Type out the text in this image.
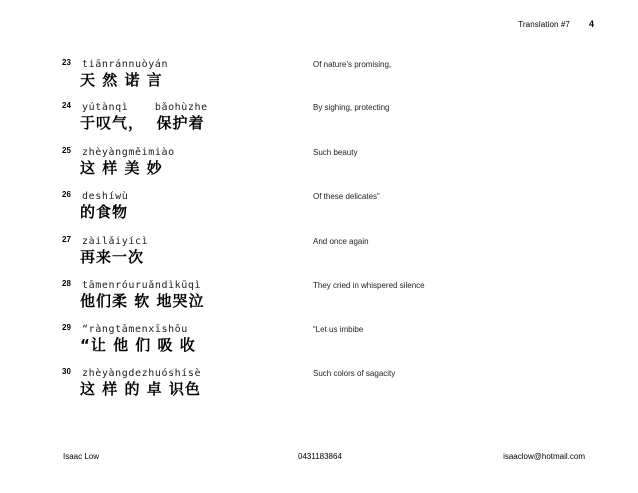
Translation #7 4
23 tiānránnuòyán
天 然 诺 言
Of nature’s promising,
24 yútànqì    bǎohùzhe
于叹气，  保护着
By sighing, protecting
25 zhèyàngměimiào
这 样 美 妙
Such beauty
26 deshíwù
的食物
Of these delicates”
27 zàilǎiyícì
再来一次
And once again
28 tāmenróuruǎndìkūqì
他们柔 软 地哭泣
They cried in whispered silence
29 “ràngtāmenxīshōu
“让 他 们 吸 收
“Let us imbibe
30 zhèyàngdezhuóshísè
这 样 的 卓 识色
Such colors of sagacity
Isaac Low	0431183864	isaaclow@hotmail.com
